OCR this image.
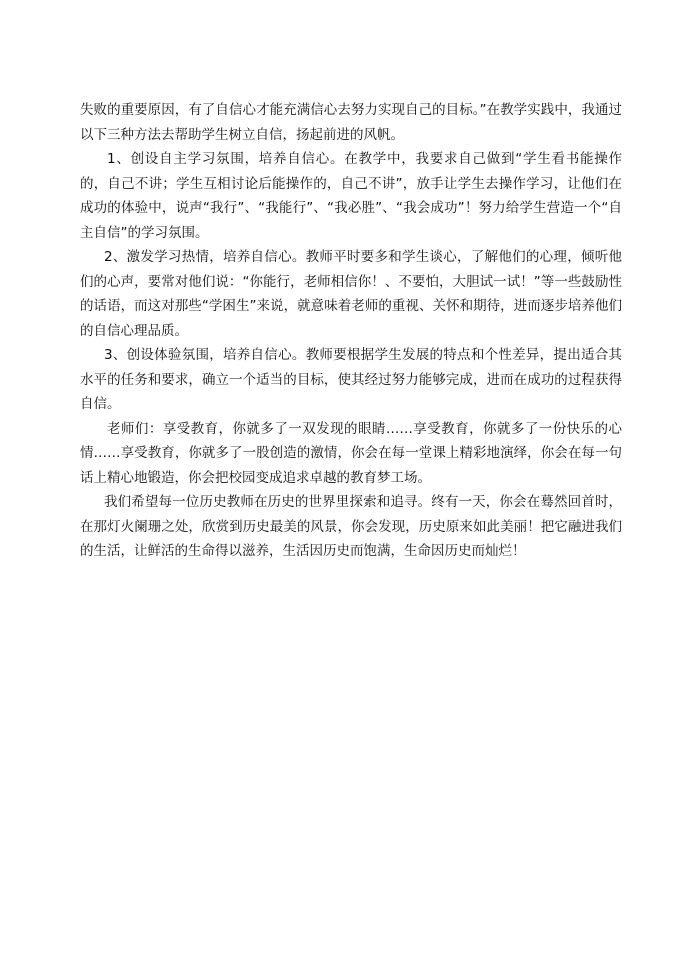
失败的重要原因，有了自信心才能充满信心去努力实现自己的目标。”在教学实践中，我通过以下三种方法去帮助学生树立自信，扬起前进的风帆。

1、创设自主学习氛围，培养自信心。在教学中，我要求自己做到“学生看书能操作的，自己不讲；学生互相讨论后能操作的，自己不讲”，放手让学生去操作学习，让他们在成功的体验中，说声“我行”、“我能行”、“我必胜”、“我会成功”！努力给学生营造一个“自主自信”的学习氛围。

2、激发学习热情，培养自信心。教师平时要多和学生谈心，了解他们的心理，倾听他们的心声，要常对他们说：“你能行，老师相信你！、不要怕，大胆试一试！”等一些鼓励性的话语，而这对那些“学困生”来说，就意味着老师的重视、关怀和期待，进而逐步培养他们的自信心理品质。

3、创设体验氛围，培养自信心。教师要根据学生发展的特点和个性差异，提出适合其水平的任务和要求，确立一个适当的目标，使其经过努力能够完成，进而在成功的过程获得自信。

老师们：享受教育，你就多了一双发现的眼睛……享受教育，你就多了一份快乐的心情……享受教育，你就多了一股创造的激情，你会在每一堂课上精彩地演绎，你会在每一句话上精心地锻造，你会把校园变成追求卓越的教育梦工场。

我们希望每一位历史教师在历史的世界里探索和追寻。终有一天，你会在蓦然回首时，在那灯火阑珊之处，欣赏到历史最美的风景，你会发现，历史原来如此美丽！把它融进我们的生活，让鲜活的生命得以滋养，生活因历史而饱满，生命因历史而灿烂！
